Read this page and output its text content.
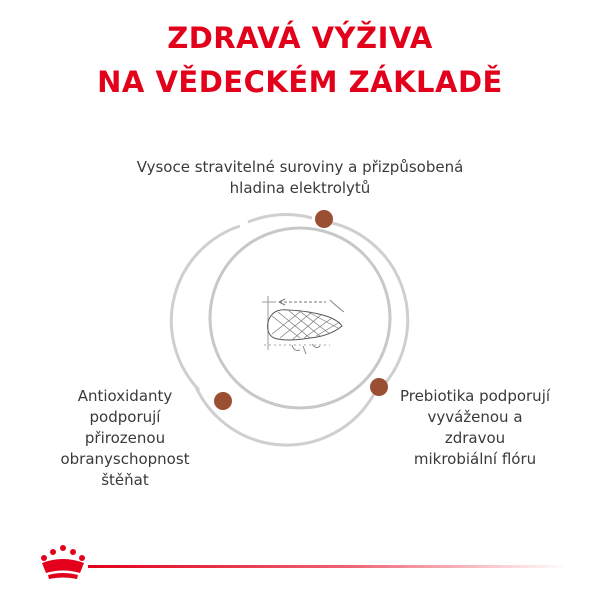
ZDRAVÁ VÝŽIVA
NA VĚDECKÉM ZÁKLADĚ
Vysoce stravitelné suroviny a přizpůsobená
hladina elektrolytů
Antioxidanty
podporují
přirozenou
obranyschopnost
štěňat
Prebiotika podporují
vyváženou a
zdravou
mikrobiální flóru
